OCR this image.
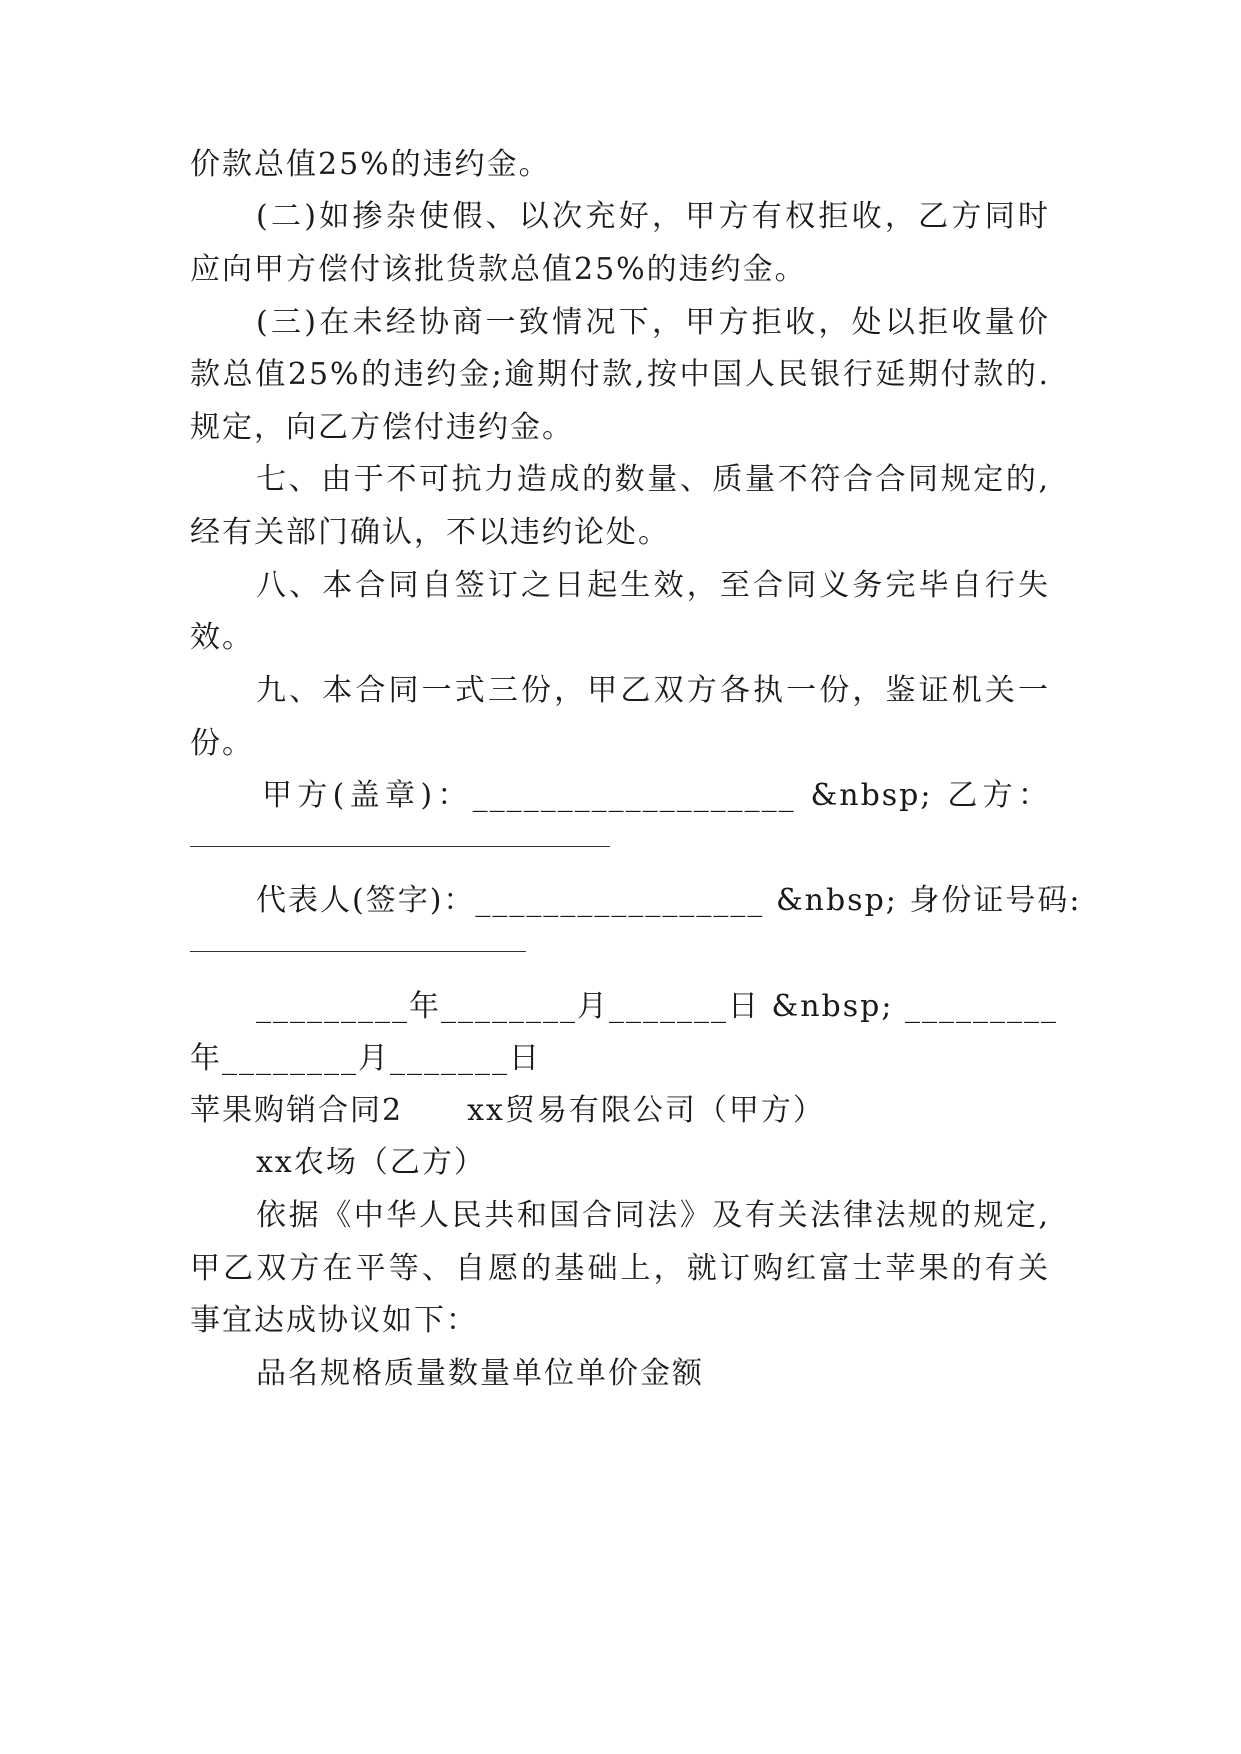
价款总值25%的违约金。
(二)如掺杂使假、以次充好，甲方有权拒收，乙方同时
应向甲方偿付该批货款总值25%的违约金。
(三)在未经协商一致情况下，甲方拒收，处以拒收量价
款总值25%的违约金;逾期付款,按中国人民银行延期付款的.
规定，向乙方偿付违约金。
七、由于不可抗力造成的数量、质量不符合合同规定的,
经有关部门确认，不以违约论处。
八、本合同自签订之日起生效，至合同义务完毕自行失
效。
九、本合同一式三份，甲乙双方各执一份，鉴证机关一
份。
甲方(盖章)：___________________ &nbsp; 乙方：
代表人(签字)：_________________ &nbsp; 身份证号码:
_________年________月_______日 &nbsp; _________
年________月_______日
苹果购销合同2　　xx贸易有限公司（甲方）
xx农场（乙方）
依据《中华人民共和国合同法》及有关法律法规的规定,
甲乙双方在平等、自愿的基础上，就订购红富士苹果的有关
事宜达成协议如下：
品名规格质量数量单位单价金额
